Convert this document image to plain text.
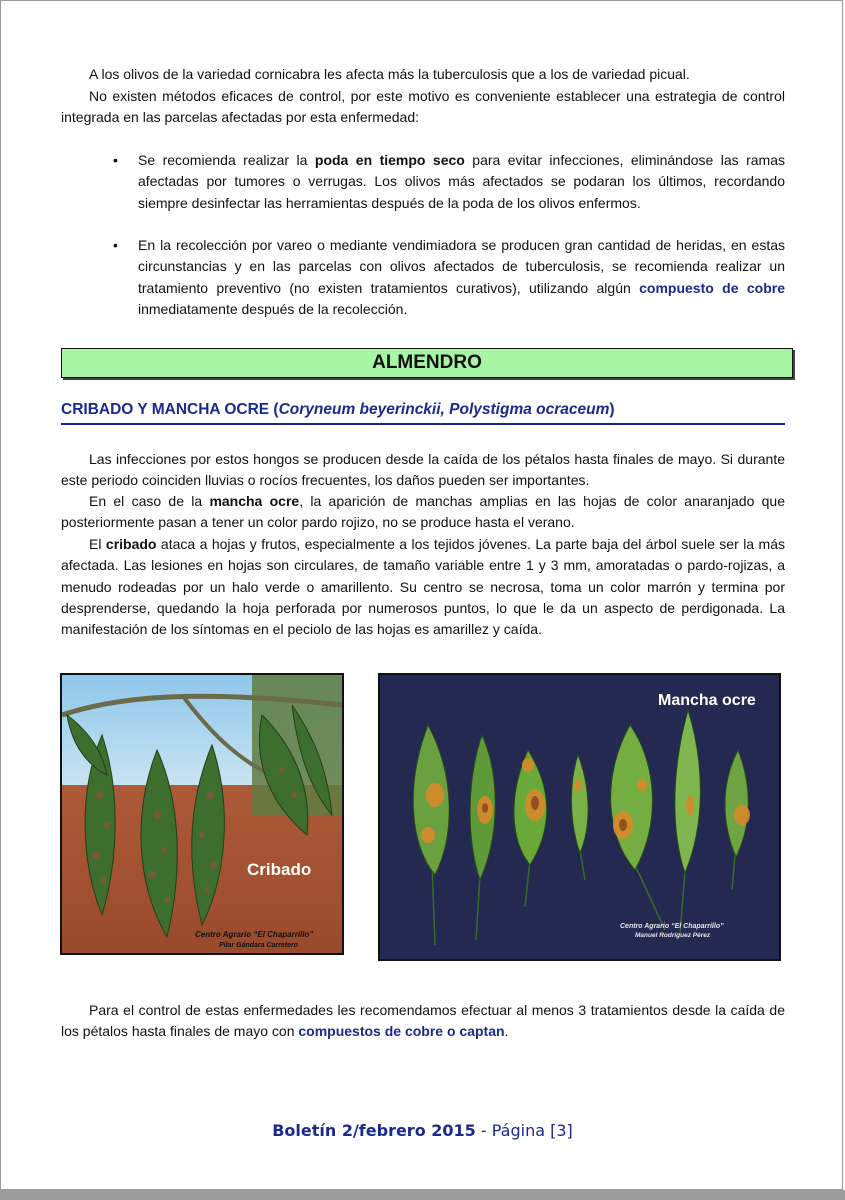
A los olivos de la variedad cornicabra les afecta más la tuberculosis que a los de variedad picual.

No existen métodos eficaces de control, por este motivo es conveniente establecer una estrategia de control integrada en las parcelas afectadas por esta enfermedad:

• Se recomienda realizar la poda en tiempo seco para evitar infecciones, eliminándose las ramas afectadas por tumores o verrugas. Los olivos más afectados se podaran los últimos, recordando siempre desinfectar las herramientas después de la poda de los olivos enfermos.
• En la recolección por vareo o mediante vendimiadora se producen gran cantidad de heridas, en estas circunstancias y en las parcelas con olivos afectados de tuberculosis, se recomienda realizar un tratamiento preventivo (no existen tratamientos curativos), utilizando algún compuesto de cobre inmediatamente después de la recolección.
ALMENDRO
CRIBADO Y MANCHA OCRE (Coryneum beyerinckii, Polystigma ocraceum)

Las infecciones por estos hongos se producen desde la caída de los pétalos hasta finales de mayo. Si durante este periodo coinciden lluvias o rocíos frecuentes, los daños pueden ser importantes.

En el caso de la mancha ocre, la aparición de manchas amplias en las hojas de color anaranjado que posteriormente pasan a tener un color pardo rojizo, no se produce hasta el verano.

El cribado ataca a hojas y frutos, especialmente a los tejidos jóvenes. La parte baja del árbol suele ser la más afectada. Las lesiones en hojas son circulares, de tamaño variable entre 1 y 3 mm, amoratadas o pardo-rojizas, a menudo rodeadas por un halo verde o amarillento. Su centro se necrosa, toma un color marrón y termina por desprenderse, quedando la hoja perforada por numerosos puntos, lo que le da un aspecto de perdigonada. La manifestación de los síntomas en el peciolo de las hojas es amarillez y caída.

Cribado
Centro Agrario “El Chaparrillo”
Pilar Gándara Carretero
Mancha ocre
Centro Agrario “El Chaparrillo”
Manuel Rodríguez Pérez

Para el control de estas enfermedades les recomendamos efectuar al menos 3 tratamientos desde la caída de los pétalos hasta finales de mayo con compuestos de cobre o captan.

Boletín 2/febrero 2015 - Página [3]
